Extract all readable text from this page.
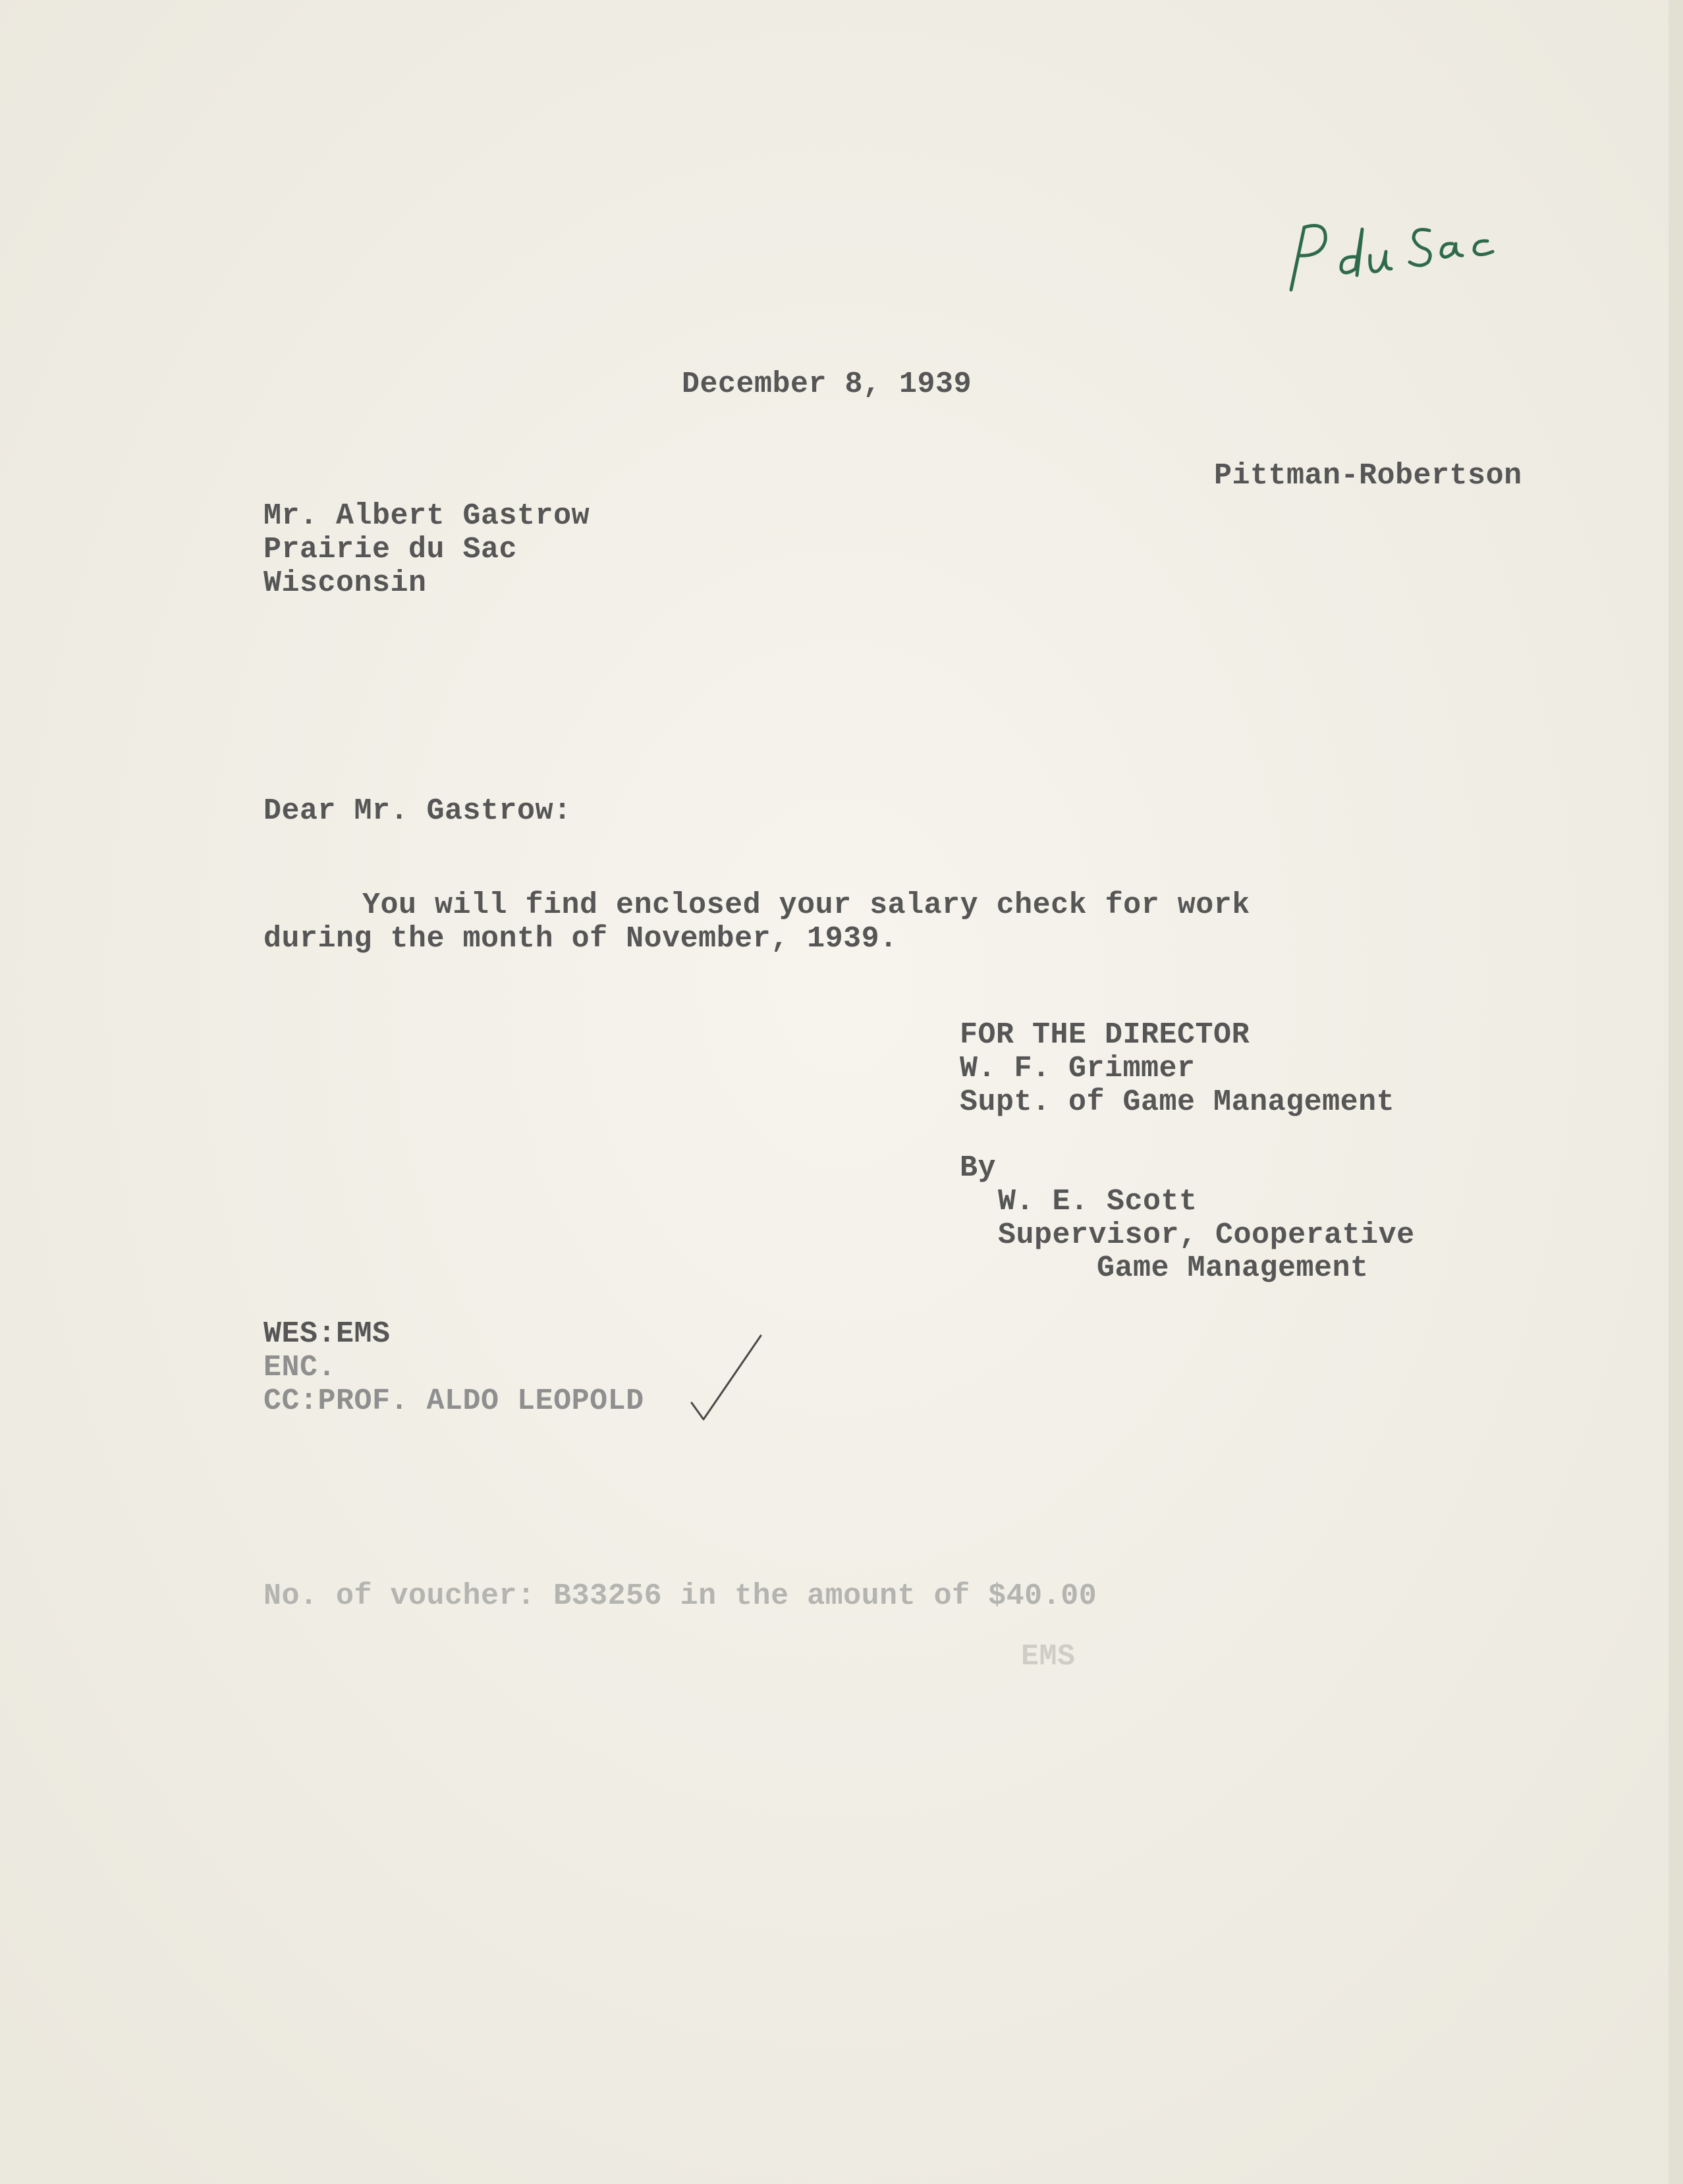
December 8, 1939
Pittman-Robertson
Mr. Albert Gastrow
Prairie du Sac
Wisconsin
Dear Mr. Gastrow:
You will find enclosed your salary check for work
during the month of November, 1939.
FOR THE DIRECTOR
W. F. Grimmer
Supt. of Game Management
By
W. E. Scott
Supervisor, Cooperative
Game Management
WES:EMS
ENC.
CC:PROF. ALDO LEOPOLD
No. of voucher: B33256 in the amount of $40.00
EMS
